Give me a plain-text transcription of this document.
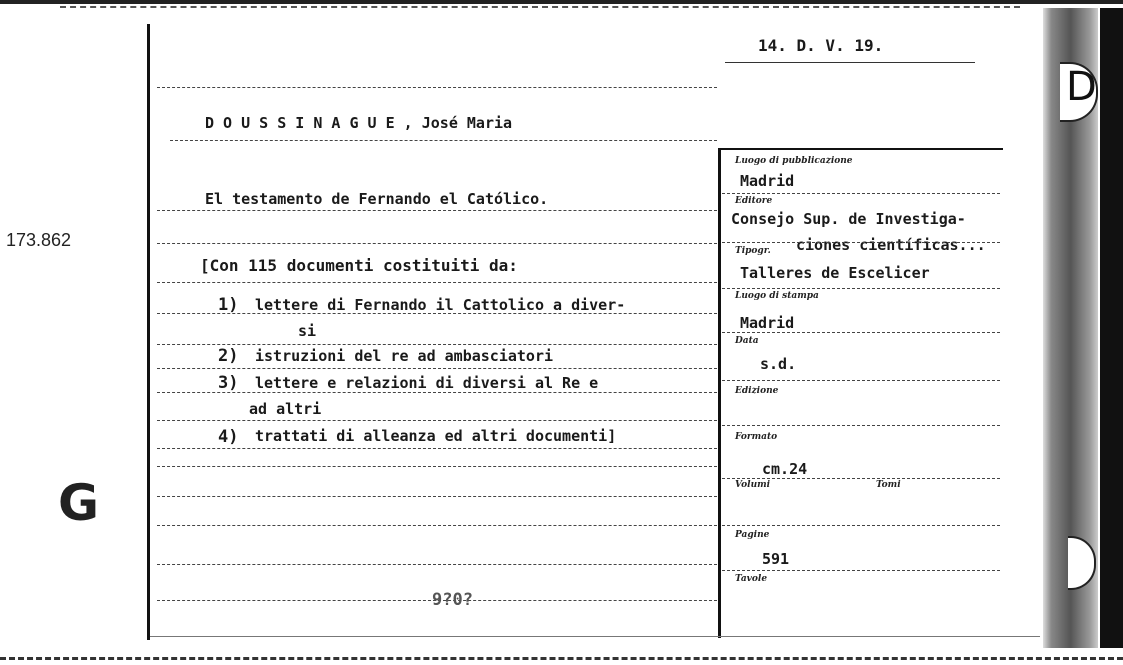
D
173.862
G
14. D. V. 19.
D O U S S I N A G U E , José Maria
El testamento de Fernando el Católico.
[Con 115 documenti costituiti da:
1) lettere di Fernando il Cattolico a diver-
si
2) istruzioni del re ad ambasciatori
3) lettere e relazioni di diversi al Re e
ad altri
4) trattati di alleanza ed altri documenti]
9?0?
Luogo di pubblicazione
Madrid
Editore
Consejo Sup. de Investiga-
ciones científicas...
Tipogr.
Talleres de Escelicer
Luogo di stampa
Madrid
Data
s.d.
Edizione
Formato
cm.24
Volumi	Tomi
Pagine
591
Tavole
